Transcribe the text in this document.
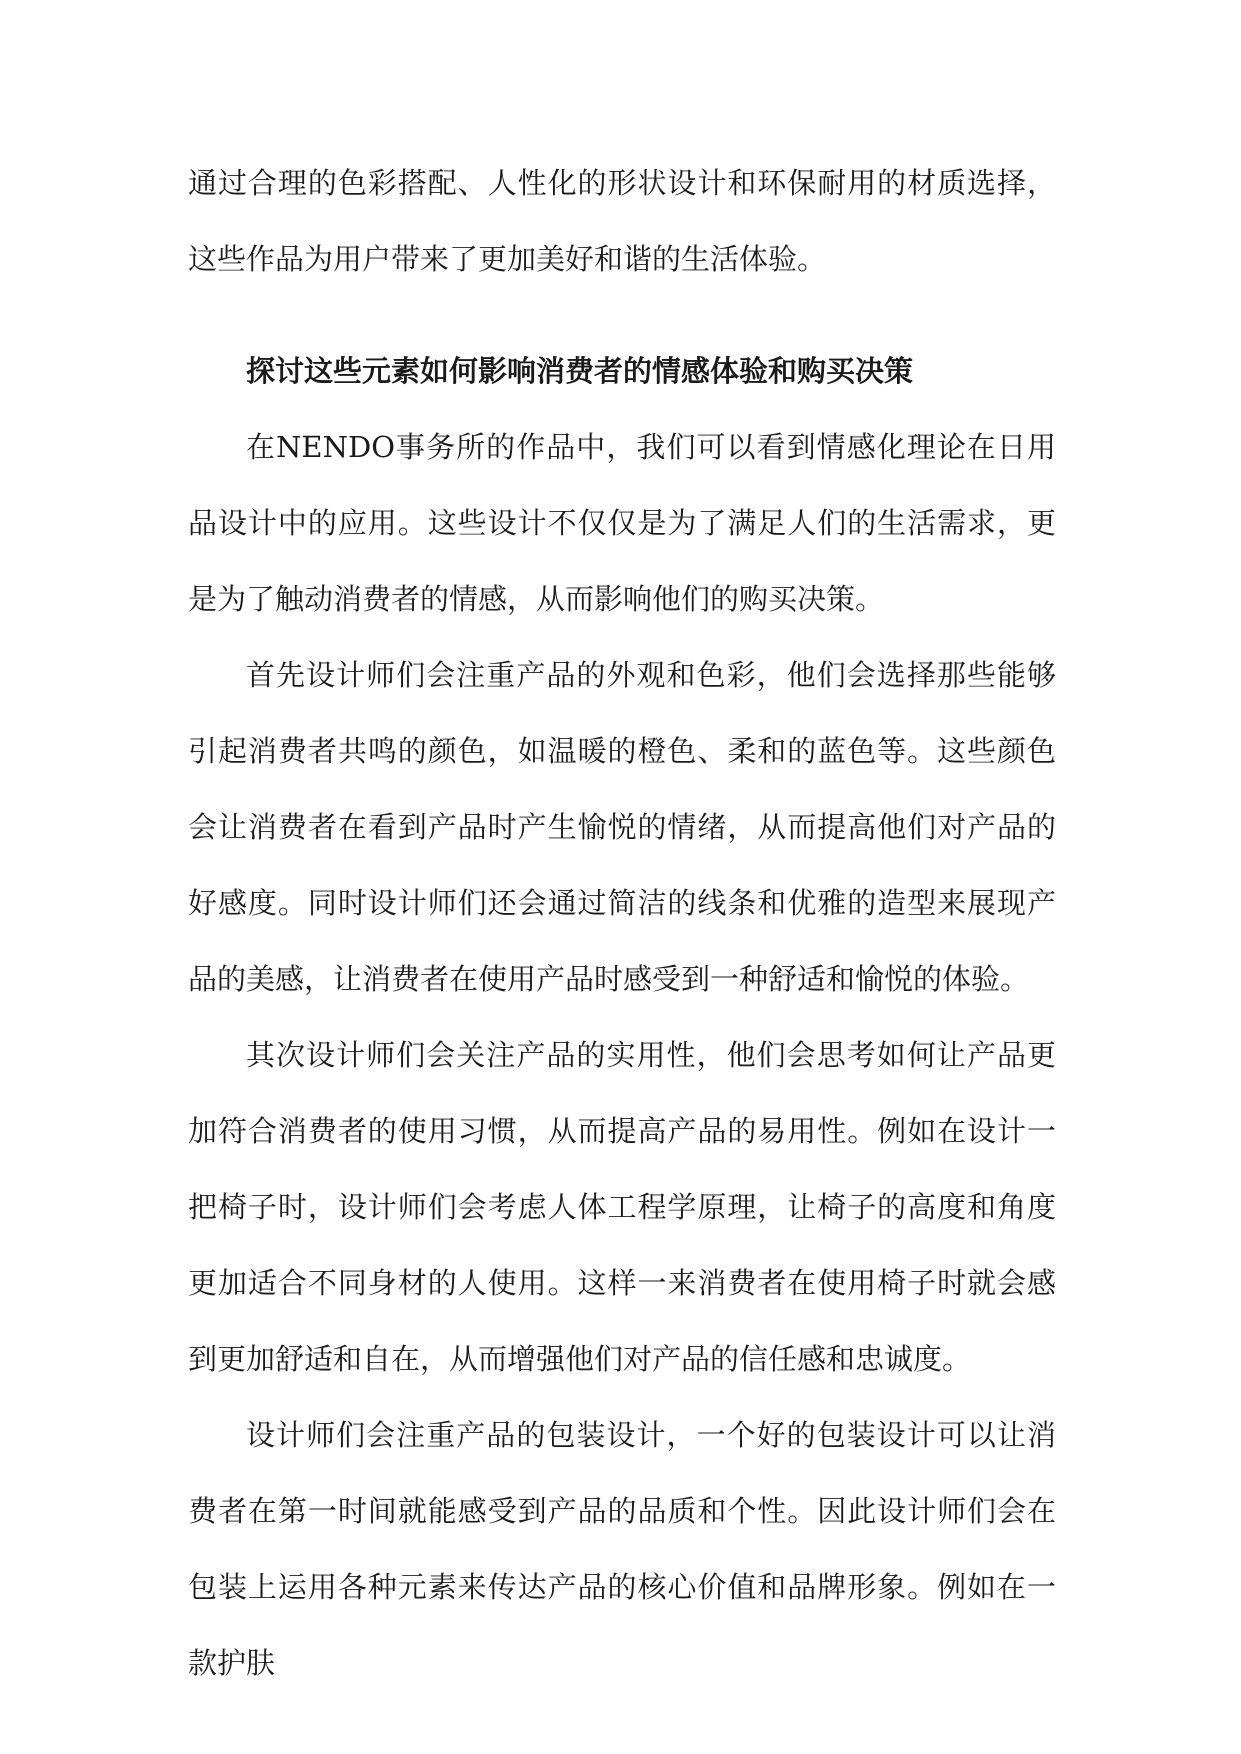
通过合理的色彩搭配、人性化的形状设计和环保耐用的材质选择，这些作品为用户带来了更加美好和谐的生活体验。

探讨这些元素如何影响消费者的情感体验和购买决策

在NENDO事务所的作品中，我们可以看到情感化理论在日用品设计中的应用。这些设计不仅仅是为了满足人们的生活需求，更是为了触动消费者的情感，从而影响他们的购买决策。

首先设计师们会注重产品的外观和色彩，他们会选择那些能够引起消费者共鸣的颜色，如温暖的橙色、柔和的蓝色等。这些颜色会让消费者在看到产品时产生愉悦的情绪，从而提高他们对产品的好感度。同时设计师们还会通过简洁的线条和优雅的造型来展现产品的美感，让消费者在使用产品时感受到一种舒适和愉悦的体验。

其次设计师们会关注产品的实用性，他们会思考如何让产品更加符合消费者的使用习惯，从而提高产品的易用性。例如在设计一把椅子时，设计师们会考虑人体工程学原理，让椅子的高度和角度更加适合不同身材的人使用。这样一来消费者在使用椅子时就会感到更加舒适和自在，从而增强他们对产品的信任感和忠诚度。

设计师们会注重产品的包装设计，一个好的包装设计可以让消费者在第一时间就能感受到产品的品质和个性。因此设计师们会在包装上运用各种元素来传达产品的核心价值和品牌形象。例如在一款护肤
